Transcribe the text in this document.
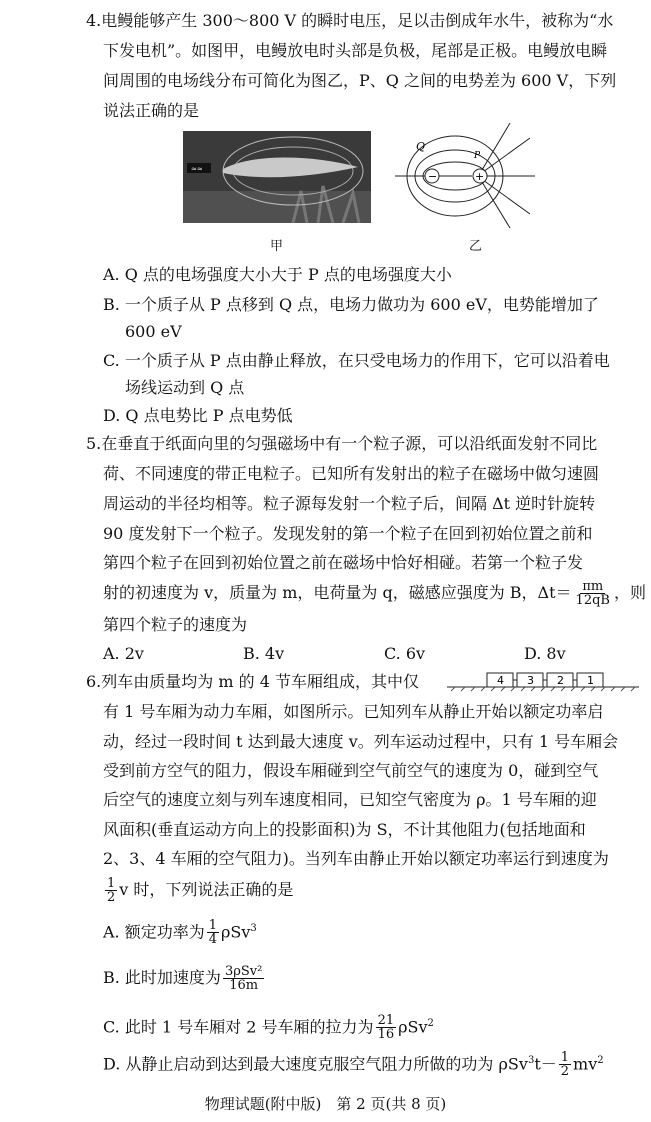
4.电鳗能够产生 300～800 V 的瞬时电压，足以击倒成年水牛，被称为“水
下发电机”。如图甲，电鳗放电时头部是负极，尾部是正极。电鳗放电瞬
间周围的电场线分布可简化为图乙，P、Q 之间的电势差为 600 V，下列
说法正确的是
≈≈
−	+
Q
P
甲	乙
A. Q 点的电场强度大小大于 P 点的电场强度大小
B. 一个质子从 P 点移到 Q 点，电场力做功为 600 eV，电势能增加了
600 eV
C. 一个质子从 P 点由静止释放，在只受电场力的作用下，它可以沿着电
场线运动到 Q 点
D. Q 点电势比 P 点电势低
5.在垂直于纸面向里的匀强磁场中有一个粒子源，可以沿纸面发射不同比
荷、不同速度的带正电粒子。已知所有发射出的粒子在磁场中做匀速圆
周运动的半径均相等。粒子源每发射一个粒子后，间隔 Δt 逆时针旋转
90 度发射下一个粒子。发现发射的第一个粒子在回到初始位置之前和
第四个粒子在回到初始位置之前在磁场中恰好相碰。若第一个粒子发
射的初速度为 v，质量为 m，电荷量为 q，磁感应强度为 B，$\Delta t= \frac{\pi m}{12qB}$ ，则
第四个粒子的速度为
A. 2v	B. 4v	C. 6v	D. 8v
6.列车由质量均为 m 的 4 节车厢组成，其中仅	4 3 2 1
有 1 号车厢为动力车厢，如图所示。已知列车从静止开始以额定功率启
动，经过一段时间 t 达到最大速度 v。列车运动过程中，只有 1 号车厢会
受到前方空气的阻力，假设车厢碰到空气前空气的速度为 0，碰到空气
后空气的速度立刻与列车速度相同，已知空气密度为 ρ。1 号车厢的迎
风面积(垂直运动方向上的投影面积)为 S，不计其他阻力(包括地面和
2、3、4 车厢的空气阻力)。当列车由静止开始以额定功率运行到速度为
$\frac{1}{2}$ v 时，下列说法正确的是
A. 额定功率为 $\frac{1}{4} \rho Sv^3$
B. 此时加速度为 $\frac{\text{3ρSv²}}{16m}$
C. 此时 1 号车厢对 2 号车厢的拉力为 $\frac{21}{16} \rho Sv^2$
D. 从静止启动到达到最大速度克服空气阻力所做的功为 $\rho Sv^3t- \frac{1}{2} mv^2$
物理试题(附中版)　第 2 页(共 8 页)
